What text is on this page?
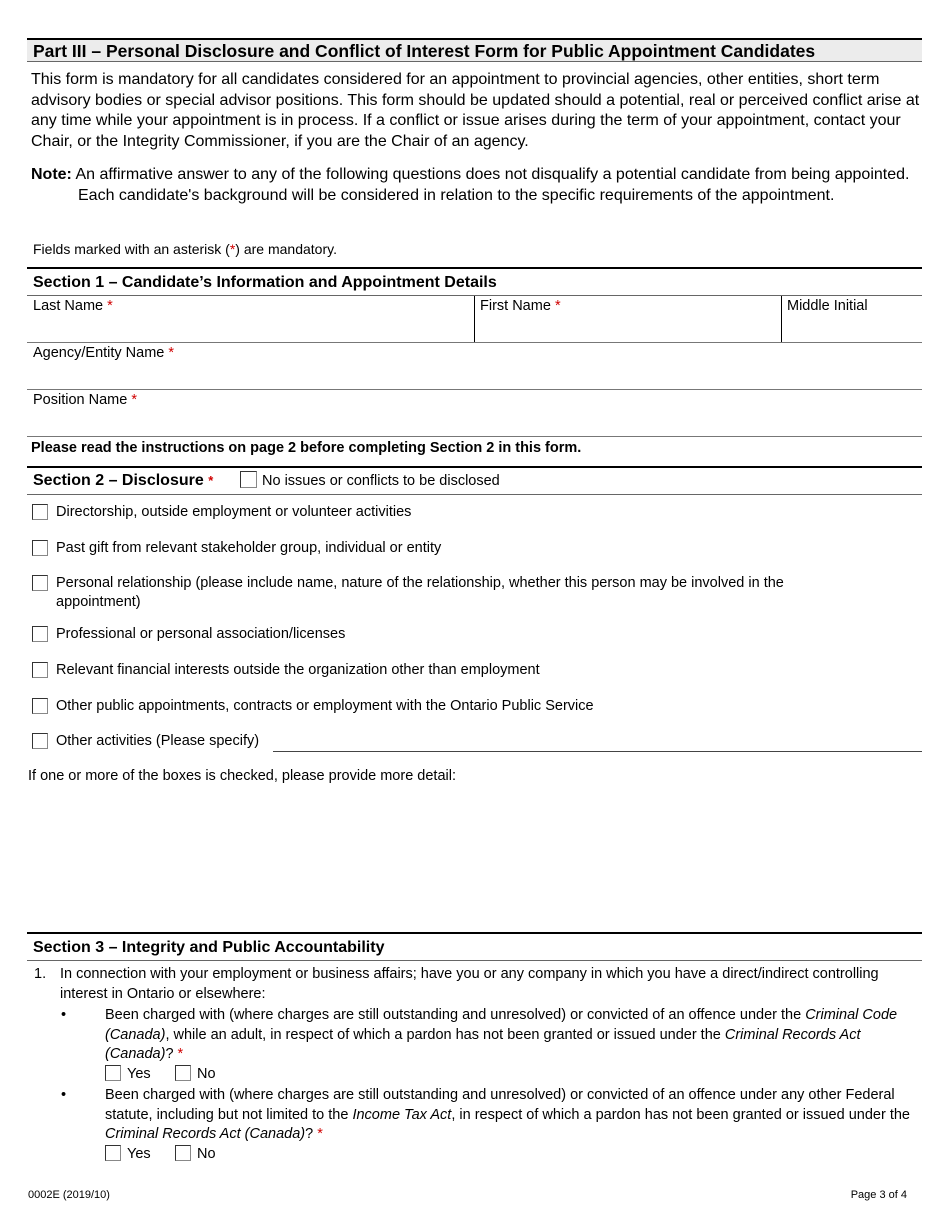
Part III – Personal Disclosure and Conflict of Interest Form for Public Appointment Candidates
This form is mandatory for all candidates considered for an appointment to provincial agencies, other entities, short term advisory bodies or special advisor positions. This form should be updated should a potential, real or perceived conflict arise at any time while your appointment is in process. If a conflict or issue arises during the term of your appointment, contact your Chair, or the Integrity Commissioner, if you are the Chair of an agency.
Note: An affirmative answer to any of the following questions does not disqualify a potential candidate from being appointed. Each candidate's background will be considered in relation to the specific requirements of the appointment.
Fields marked with an asterisk (*) are mandatory.
Section 1 – Candidate’s Information and Appointment Details
Last Name *	First Name *	Middle Initial
Agency/Entity Name *
Position Name *
Please read the instructions on page 2 before completing Section 2 in this form.
Section 2 – Disclosure *	No issues or conflicts to be disclosed
Directorship, outside employment or volunteer activities
Past gift from relevant stakeholder group, individual or entity
Personal relationship (please include name, nature of the relationship, whether this person may be involved in the
appointment)
Professional or personal association/licenses
Relevant financial interests outside the organization other than employment
Other public appointments, contracts or employment with the Ontario Public Service
Other activities (Please specify)
If one or more of the boxes is checked, please provide more detail:
Section 3 – Integrity and Public Accountability
1. In connection with your employment or business affairs; have you or any company in which you have a direct/indirect controlling interest in Ontario or elsewhere:
•	Been charged with (where charges are still outstanding and unresolved) or convicted of an offence under the Criminal Code (Canada), while an adult, in respect of which a pardon has not been granted or issued under the Criminal Records Act (Canada)? *
Yes	No
•	Been charged with (where charges are still outstanding and unresolved) or convicted of an offence under any other Federal statute, including but not limited to the Income Tax Act, in respect of which a pardon has not been granted or issued under the Criminal Records Act (Canada)? *
Yes	No
0002E (2019/10)	Page 3 of 4
